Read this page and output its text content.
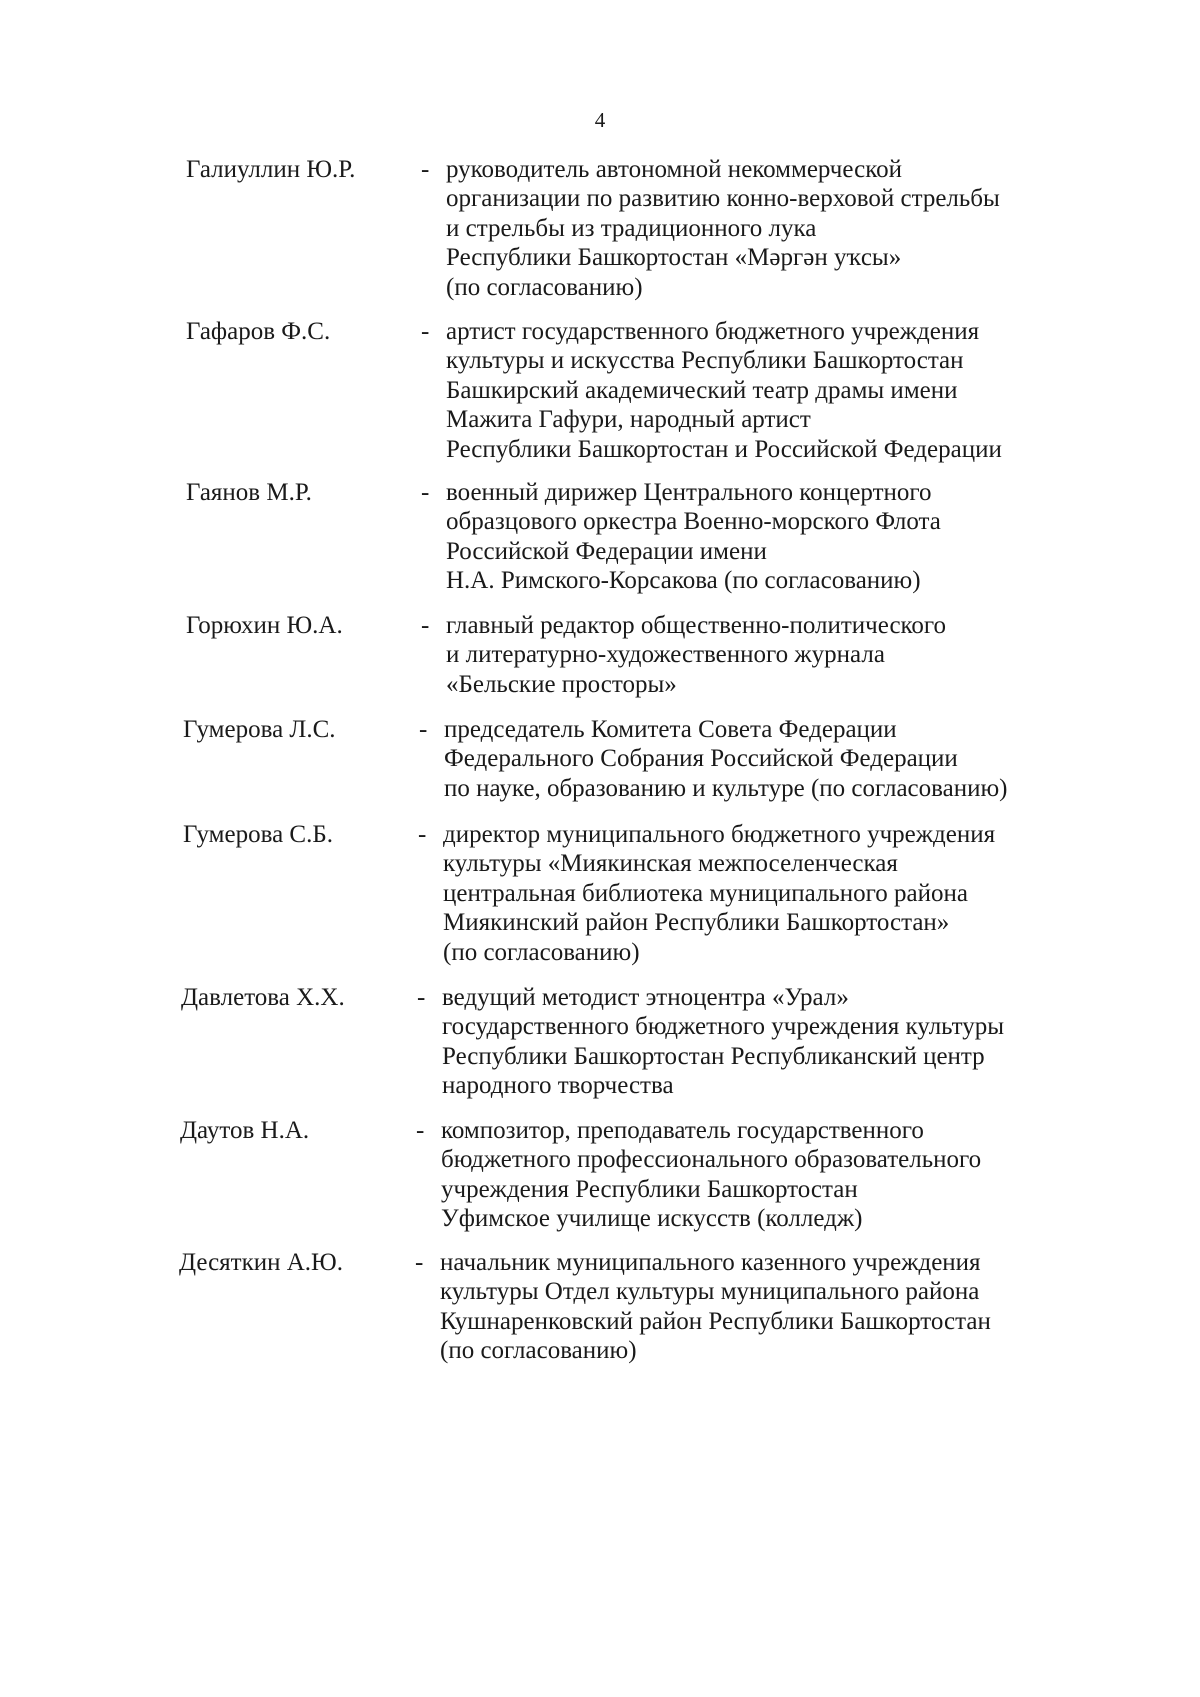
4
Галиуллин Ю.Р.	- руководитель автономной некоммерческой
организации по развитию конно-верховой стрельбы
и стрельбы из традиционного лука
Республики Башкортостан «Мәргән уҡсы»
(по согласованию)
Гафаров Ф.С.	- артист государственного бюджетного учреждения
культуры и искусства Республики Башкортостан
Башкирский академический театр драмы имени
Мажита Гафури, народный артист
Республики Башкортостан и Российской Федерации
Гаянов М.Р.	- военный дирижер Центрального концертного
образцового оркестра Военно-морского Флота
Российской Федерации имени
Н.А. Римского-Корсакова (по согласованию)
Горюхин Ю.А.	- главный редактор общественно-политического
и литературно-художественного журнала
«Бельские просторы»
Гумерова Л.С.	- председатель Комитета Совета Федерации
Федерального Собрания Российской Федерации
по науке, образованию и культуре (по согласованию)
Гумерова С.Б.	- директор муниципального бюджетного учреждения
культуры «Миякинская межпоселенческая
центральная библиотека муниципального района
Миякинский район Республики Башкортостан»
(по согласованию)
Давлетова Х.Х.	- ведущий методист этноцентра «Урал»
государственного бюджетного учреждения культуры
Республики Башкортостан Республиканский центр
народного творчества
Даутов Н.А.	- композитор, преподаватель государственного
бюджетного профессионального образовательного
учреждения Республики Башкортостан
Уфимское училище искусств (колледж)
Десяткин А.Ю.	- начальник муниципального казенного учреждения
культуры Отдел культуры муниципального района
Кушнаренковский район Республики Башкортостан
(по согласованию)
